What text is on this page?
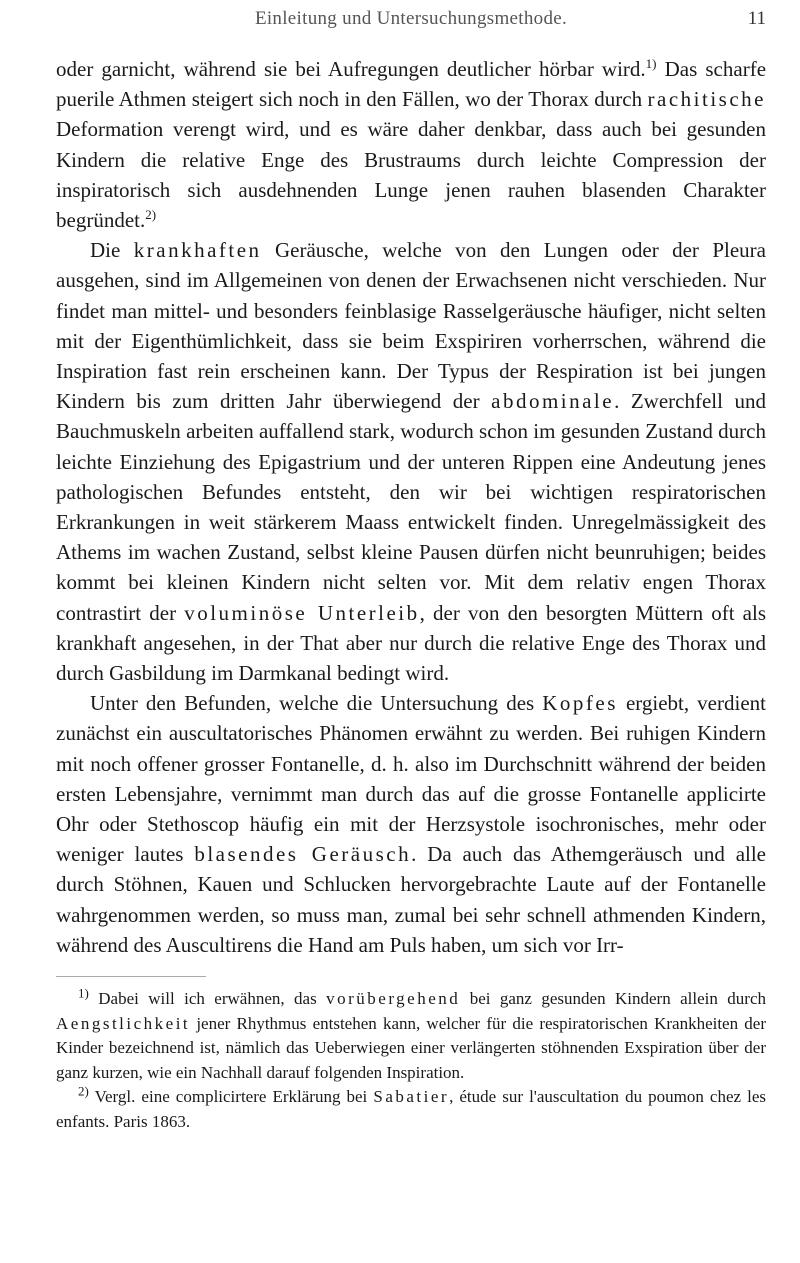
Einleitung und Untersuchungsmethode.	11

oder garnicht, während sie bei Aufregungen deutlicher hörbar wird.$^{1)}$ Das scharfe puerile Athmen steigert sich noch in den Fällen, wo der Thorax durch rachitische Deformation verengt wird, und es wäre daher denkbar, dass auch bei gesunden Kindern die relative Enge des Brustraums durch leichte Compression der inspiratorisch sich ausdehnenden Lunge jenen rauhen blasenden Charakter begründet.$^{2)}$

Die krankhaften Geräusche, welche von den Lungen oder der Pleura ausgehen, sind im Allgemeinen von denen der Erwachsenen nicht verschieden. Nur findet man mittel- und besonders feinblasige Rasselgeräusche häufiger, nicht selten mit der Eigenthümlichkeit, dass sie beim Exspiriren vorherrschen, während die Inspiration fast rein erscheinen kann. Der Typus der Respiration ist bei jungen Kindern bis zum dritten Jahr überwiegend der abdominale. Zwerchfell und Bauchmuskeln arbeiten auffallend stark, wodurch schon im gesunden Zustand durch leichte Einziehung des Epigastrium und der unteren Rippen eine Andeutung jenes pathologischen Befundes entsteht, den wir bei wichtigen respiratorischen Erkrankungen in weit stärkerem Maass entwickelt finden. Unregelmässigkeit des Athems im wachen Zustand, selbst kleine Pausen dürfen nicht beunruhigen; beides kommt bei kleinen Kindern nicht selten vor. Mit dem relativ engen Thorax contrastirt der voluminöse Unterleib, der von den besorgten Müttern oft als krankhaft angesehen, in der That aber nur durch die relative Enge des Thorax und durch Gasbildung im Darmkanal bedingt wird.

Unter den Befunden, welche die Untersuchung des Kopfes ergiebt, verdient zunächst ein auscultatorisches Phänomen erwähnt zu werden. Bei ruhigen Kindern mit noch offener grosser Fontanelle, d. h. also im Durchschnitt während der beiden ersten Lebensjahre, vernimmt man durch das auf die grosse Fontanelle applicirte Ohr oder Stethoscop häufig ein mit der Herzsystole isochronisches, mehr oder weniger lautes blasendes Geräusch. Da auch das Athemgeräusch und alle durch Stöhnen, Kauen und Schlucken hervorgebrachte Laute auf der Fontanelle wahrgenommen werden, so muss man, zumal bei sehr schnell athmenden Kindern, während des Auscultirens die Hand am Puls haben, um sich vor Irr-

$^{1)}$ Dabei will ich erwähnen, das vorübergehend bei ganz gesunden Kindern allein durch Aengstlichkeit jener Rhythmus entstehen kann, welcher für die respiratorischen Krankheiten der Kinder bezeichnend ist, nämlich das Ueberwiegen einer verlängerten stöhnenden Exspiration über der ganz kurzen, wie ein Nachhall darauf folgenden Inspiration.

$^{2)}$ Vergl. eine complicirtere Erklärung bei Sabatier, étude sur l'auscultation du poumon chez les enfants. Paris 1863.
